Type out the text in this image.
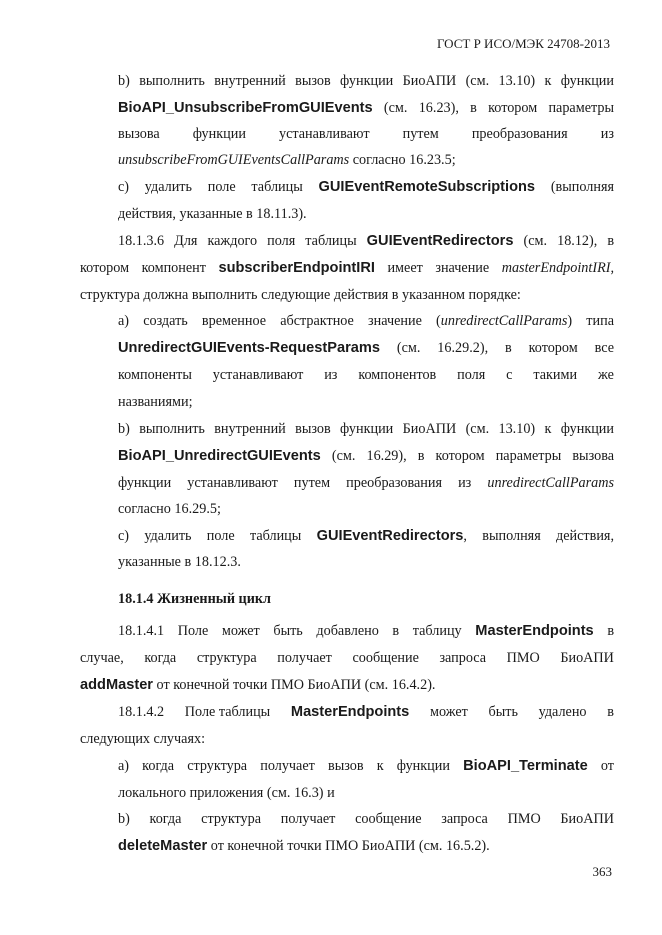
ГОСТ Р ИСО/МЭК 24708-2013
b) выполнить внутренний вызов функции БиоАПИ (см. 13.10) к функции
BioAPI_UnsubscribeFromGUIEvents (см. 16.23), в котором параметры
вызова функции устанавливают путем преобразования из
unsubscribeFromGUIEventsCallParams согласно 16.23.5;
c) удалить поле таблицы GUIEventRemoteSubscriptions (выполняя
действия, указанные в 18.11.3).
18.1.3.6 Для каждого поля таблицы GUIEventRedirectors (см. 18.12), в
котором компонент subscriberEndpointIRI имеет значение masterEndpointIRI,
структура должна выполнить следующие действия в указанном порядке:
а) создать временное абстрактное значение (unredirectCallParams) типа
UnredirectGUIEvents-RequestParams (см. 16.29.2), в котором все
компоненты устанавливают из компонентов поля с такими же
названиями;
b) выполнить внутренний вызов функции БиоАПИ (см. 13.10) к функции
BioAPI_UnredirectGUIEvents (см. 16.29), в котором параметры вызова
функции устанавливают путем преобразования из unredirectCallParams
согласно 16.29.5;
c) удалить поле таблицы GUIEventRedirectors, выполняя действия,
указанные в 18.12.3.
18.1.4 Жизненный цикл
18.1.4.1 Поле может быть добавлено в таблицу MasterEndpoints в
случае, когда структура получает сообщение запроса ПМО БиоАПИ
addMaster от конечной точки ПМО БиоАПИ (см. 16.4.2).
18.1.4.2 Поле таблицы MasterEndpoints может быть удалено в
следующих случаях:
а) когда структура получает вызов к функции BioAPI_Terminate от
локального приложения (см. 16.3) и
b) когда структура получает сообщение запроса ПМО БиоАПИ
deleteMaster от конечной точки ПМО БиоАПИ (см. 16.5.2).
363
